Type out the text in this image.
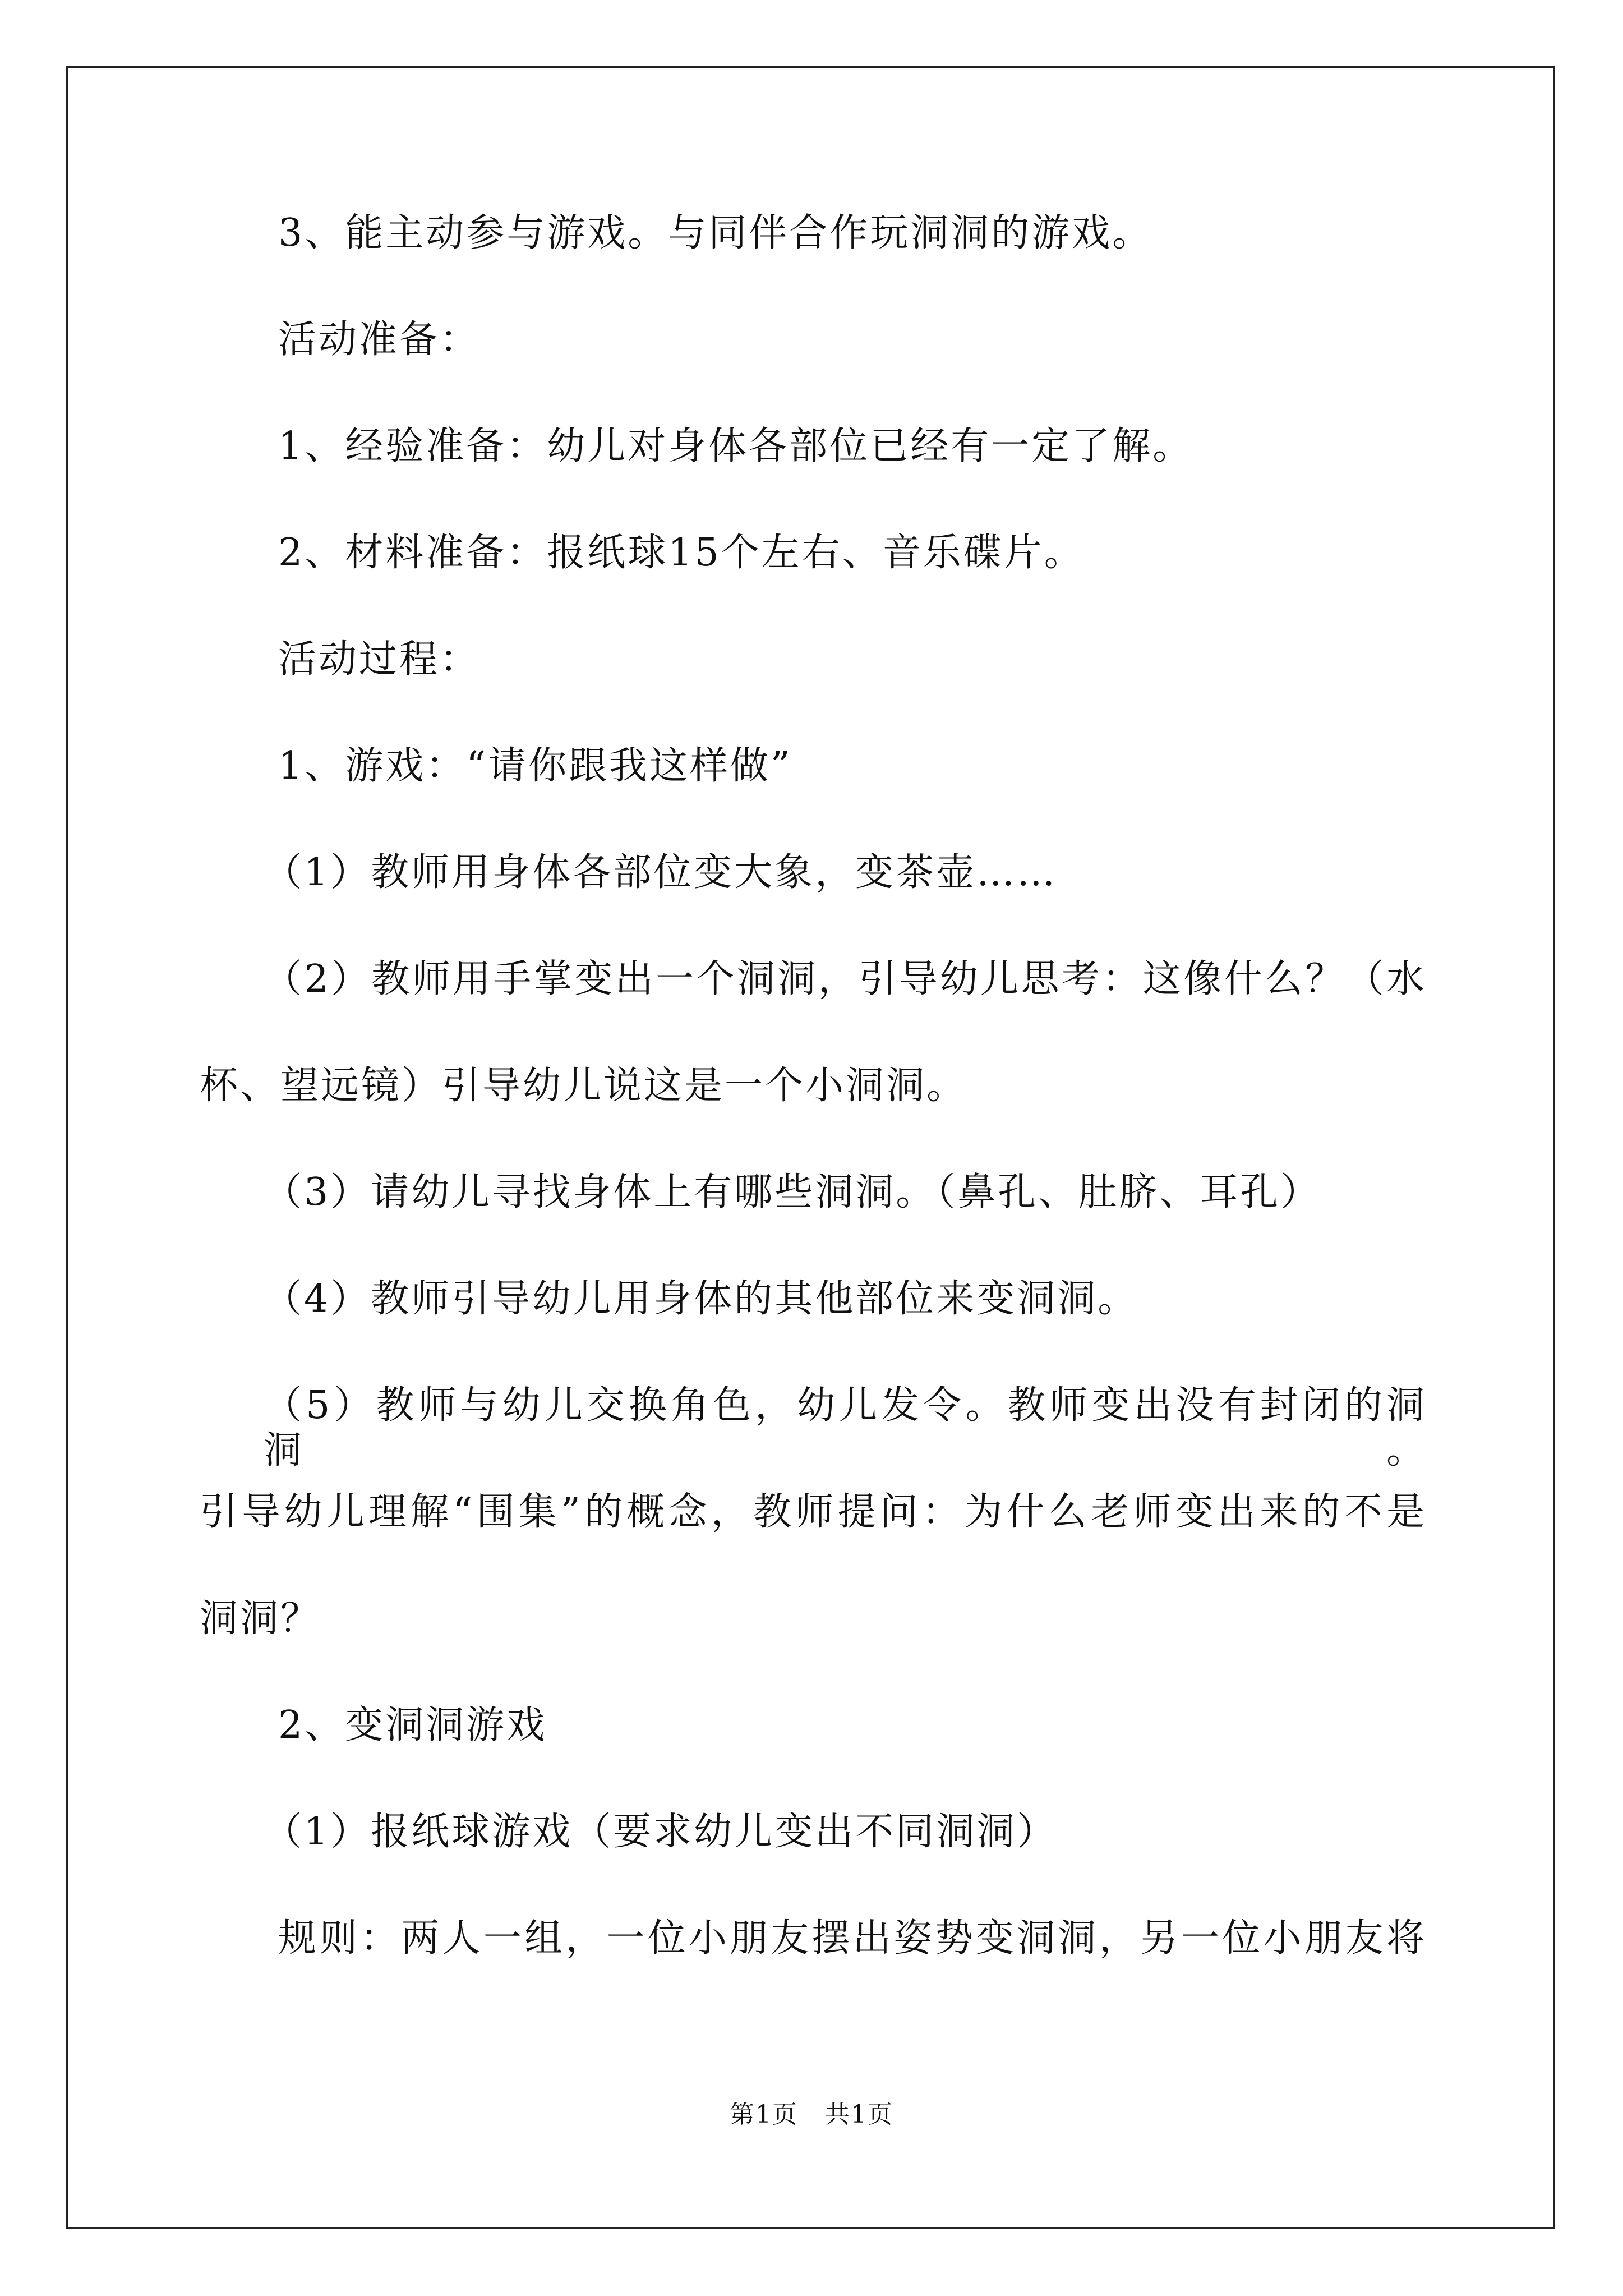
3、能主动参与游戏。与同伴合作玩洞洞的游戏。
活动准备：
1、经验准备：幼儿对身体各部位已经有一定了解。
2、材料准备：报纸球15个左右、音乐碟片。
活动过程：
1、游戏：“请你跟我这样做”
（1）教师用身体各部位变大象，变茶壶……
（2）教师用手掌变出一个洞洞，引导幼儿思考：这像什么？（水
杯、望远镜）引导幼儿说这是一个小洞洞。
（3）请幼儿寻找身体上有哪些洞洞。（鼻孔、肚脐、耳孔）
（4）教师引导幼儿用身体的其他部位来变洞洞。
（5）教师与幼儿交换角色，幼儿发令。教师变出没有封闭的洞洞。
引导幼儿理解“围集”的概念，教师提问：为什么老师变出来的不是
洞洞？
2、变洞洞游戏
（1）报纸球游戏（要求幼儿变出不同洞洞）
规则：两人一组，一位小朋友摆出姿势变洞洞，另一位小朋友将
第1页 共1页
